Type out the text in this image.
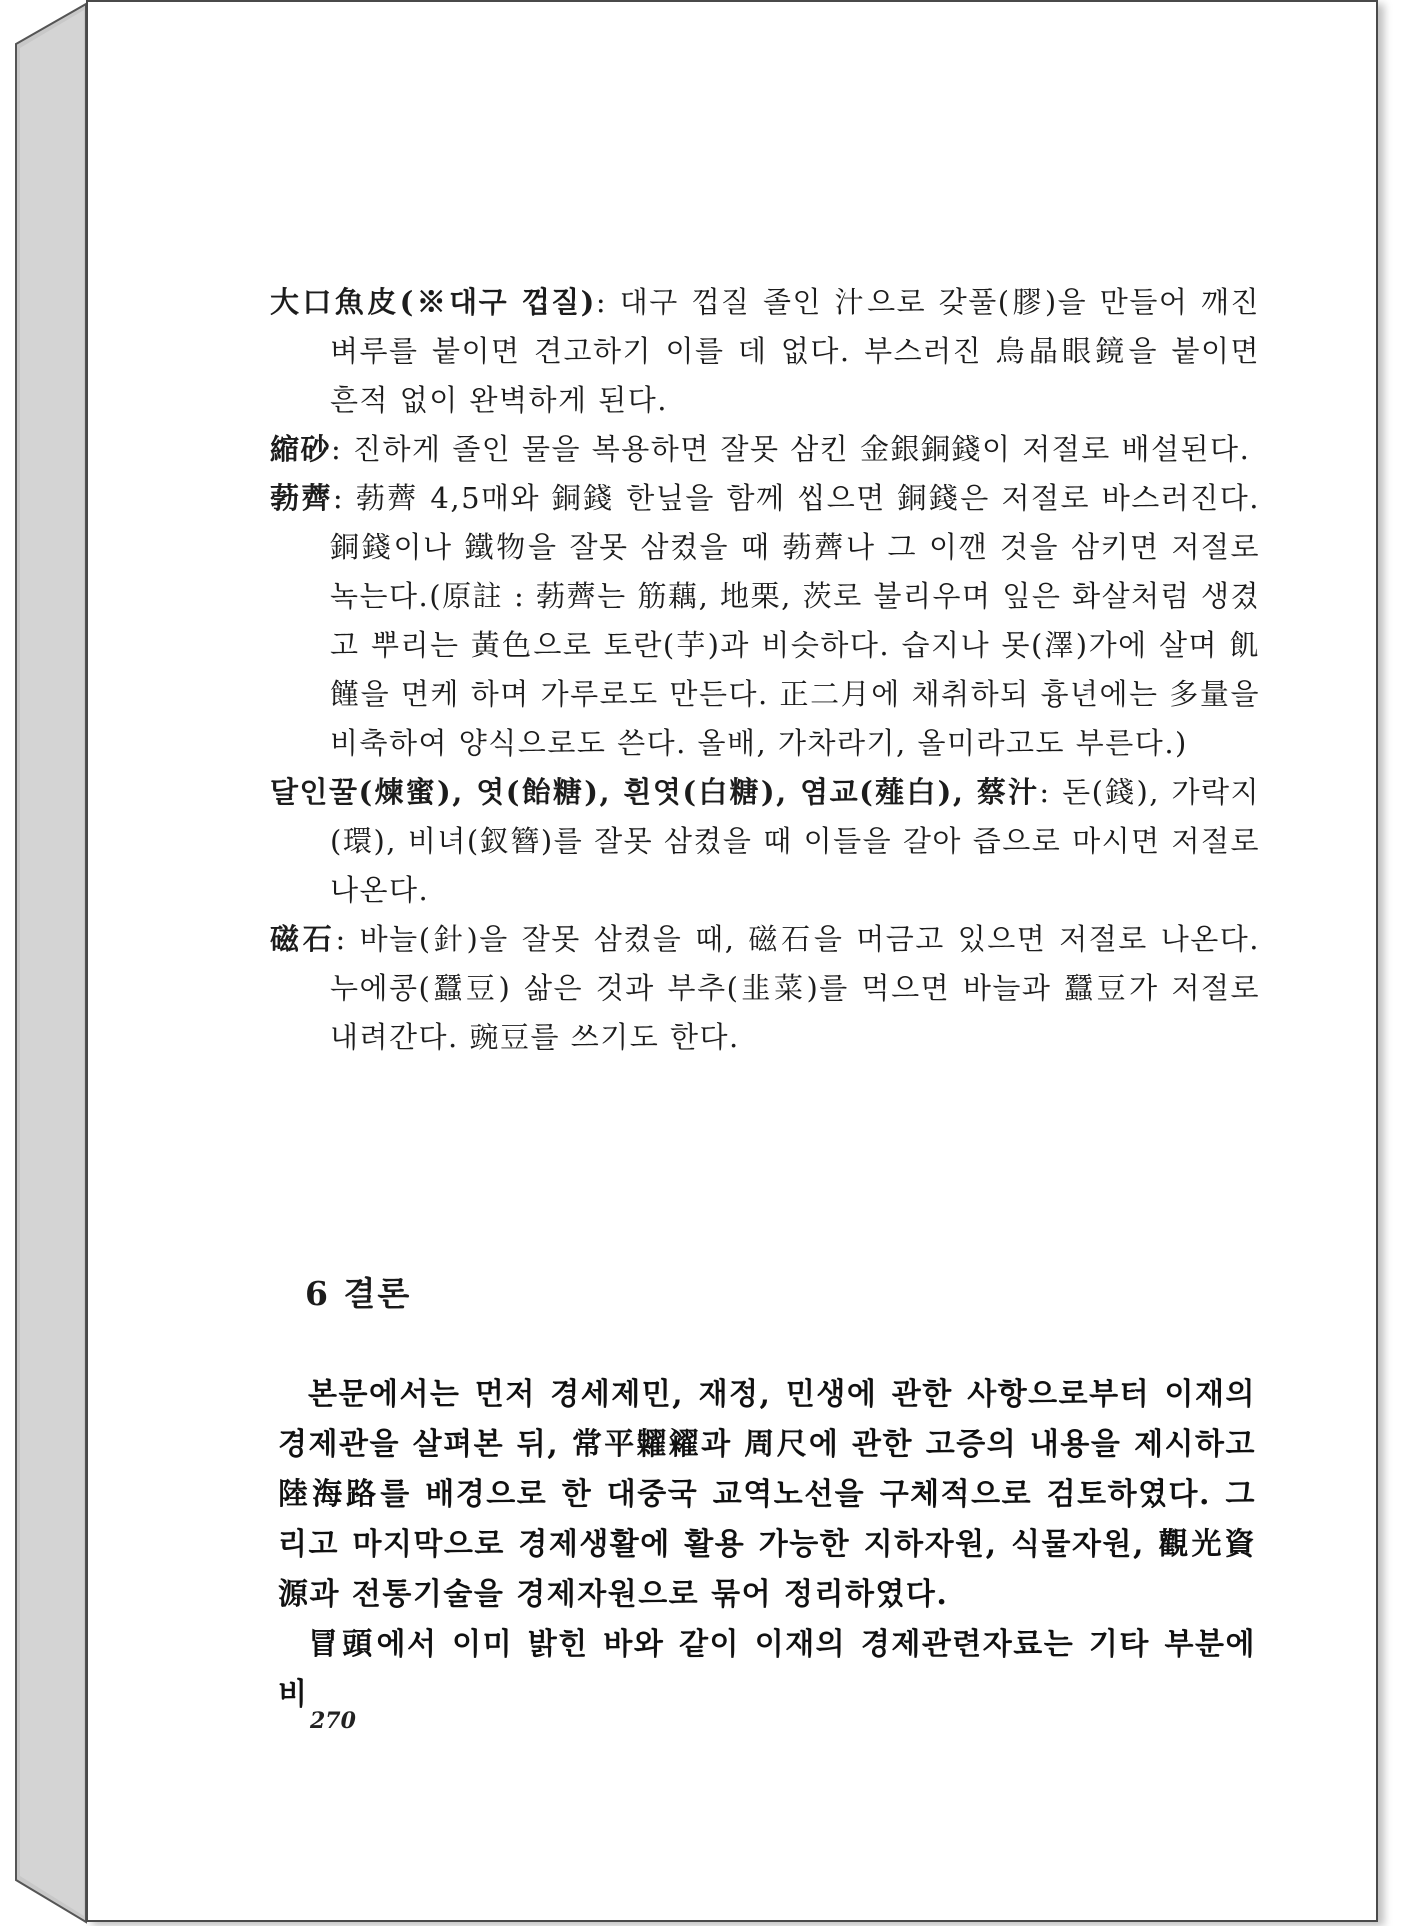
大口魚皮(※대구 껍질): 대구 껍질 졸인 汁으로 갖풀(膠)을 만들어 깨진 벼루를 붙이면 견고하기 이를 데 없다. 부스러진 烏晶眼鏡을 붙이면 흔적 없이 완벽하게 된다.

縮砂: 진하게 졸인 물을 복용하면 잘못 삼킨 金銀銅錢이 저절로 배설된다.

葧薺: 葧薺 4,5매와 銅錢 한닢을 함께 씹으면 銅錢은 저절로 바스러진다. 銅錢이나 鐵物을 잘못 삼켰을 때 葧薺나 그 이깬 것을 삼키면 저절로 녹는다.(原註 : 葧薺는 筋藕, 地栗, 茨로 불리우며 잎은 화살처럼 생겼고 뿌리는 黃色으로 토란(芋)과 비슷하다. 습지나 못(澤)가에 살며 飢饉을 면케 하며 가루로도 만든다. 正二月에 채취하되 흉년에는 多量을 비축하여 양식으로도 쓴다. 올배, 가차라기, 올미라고도 부른다.)

달인꿀(煉蜜), 엿(飴糖), 흰엿(白糖), 염교(薤白), 蔡汁: 돈(錢), 가락지(環), 비녀(釵簪)를 잘못 삼켰을 때 이들을 갈아 즙으로 마시면 저절로 나온다.

磁石: 바늘(針)을 잘못 삼켰을 때, 磁石을 머금고 있으면 저절로 나온다. 누에콩(蠶豆) 삶은 것과 부추(韭菜)를 먹으면 바늘과 蠶豆가 저절로 내려간다. 豌豆를 쓰기도 한다.

6 결론

본문에서는 먼저 경세제민, 재정, 민생에 관한 사항으로부터 이재의 경제관을 살펴본 뒤, 常平糶糴과 周尺에 관한 고증의 내용을 제시하고 陸海路를 배경으로 한 대중국 교역노선을 구체적으로 검토하였다. 그리고 마지막으로 경제생활에 활용 가능한 지하자원, 식물자원, 觀光資源과 전통기술을 경제자원으로 묶어 정리하였다.

冒頭에서 이미 밝힌 바와 같이 이재의 경제관련자료는 기타 부분에 비

270
